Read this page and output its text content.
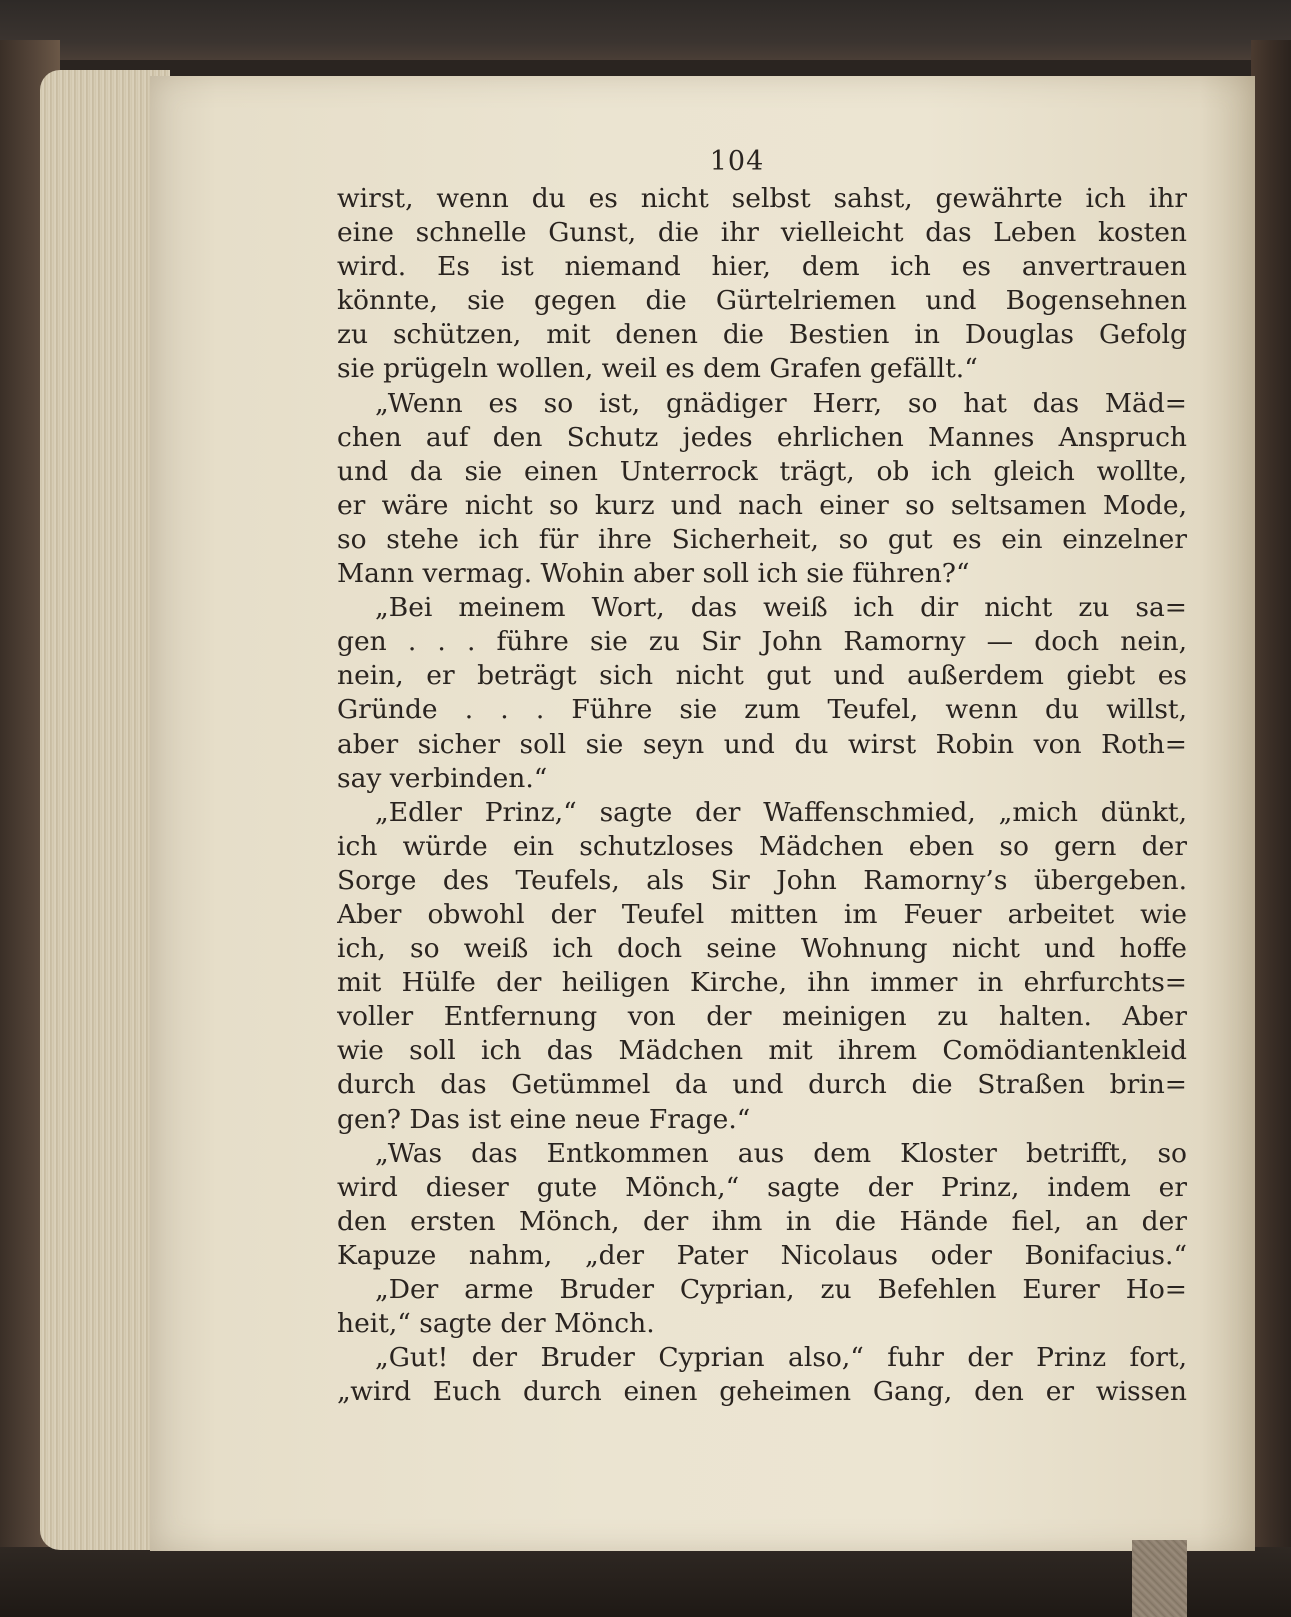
104
wirst, wenn du es nicht selbst sahst, gewährte ich ihr
eine schnelle Gunst, die ihr vielleicht das Leben kosten
wird. Es ist niemand hier, dem ich es anvertrauen
könnte, sie gegen die Gürtelriemen und Bogensehnen
zu schützen, mit denen die Bestien in Douglas Gefolg
sie prügeln wollen, weil es dem Grafen gefällt.“
„Wenn es so ist, gnädiger Herr, so hat das Mäd=
chen auf den Schutz jedes ehrlichen Mannes Anspruch
und da sie einen Unterrock trägt, ob ich gleich wollte,
er wäre nicht so kurz und nach einer so seltsamen Mode,
so stehe ich für ihre Sicherheit, so gut es ein einzelner
Mann vermag. Wohin aber soll ich sie führen?“
„Bei meinem Wort, das weiß ich dir nicht zu sa=
gen . . . führe sie zu Sir John Ramorny — doch nein,
nein, er beträgt sich nicht gut und außerdem giebt es
Gründe . . . Führe sie zum Teufel, wenn du willst,
aber sicher soll sie seyn und du wirst Robin von Roth=
say verbinden.“
„Edler Prinz,“ sagte der Waffenschmied, „mich dünkt,
ich würde ein schutzloses Mädchen eben so gern der
Sorge des Teufels, als Sir John Ramorny’s übergeben.
Aber obwohl der Teufel mitten im Feuer arbeitet wie
ich, so weiß ich doch seine Wohnung nicht und hoffe
mit Hülfe der heiligen Kirche, ihn immer in ehrfurchts=
voller Entfernung von der meinigen zu halten. Aber
wie soll ich das Mädchen mit ihrem Comödiantenkleid
durch das Getümmel da und durch die Straßen brin=
gen? Das ist eine neue Frage.“
„Was das Entkommen aus dem Kloster betrifft, so
wird dieser gute Mönch,“ sagte der Prinz, indem er
den ersten Mönch, der ihm in die Hände fiel, an der
Kapuze nahm, „der Pater Nicolaus oder Bonifacius.“
„Der arme Bruder Cyprian, zu Befehlen Eurer Ho=
heit,“ sagte der Mönch.
„Gut! der Bruder Cyprian also,“ fuhr der Prinz fort,
„wird Euch durch einen geheimen Gang, den er wissen
